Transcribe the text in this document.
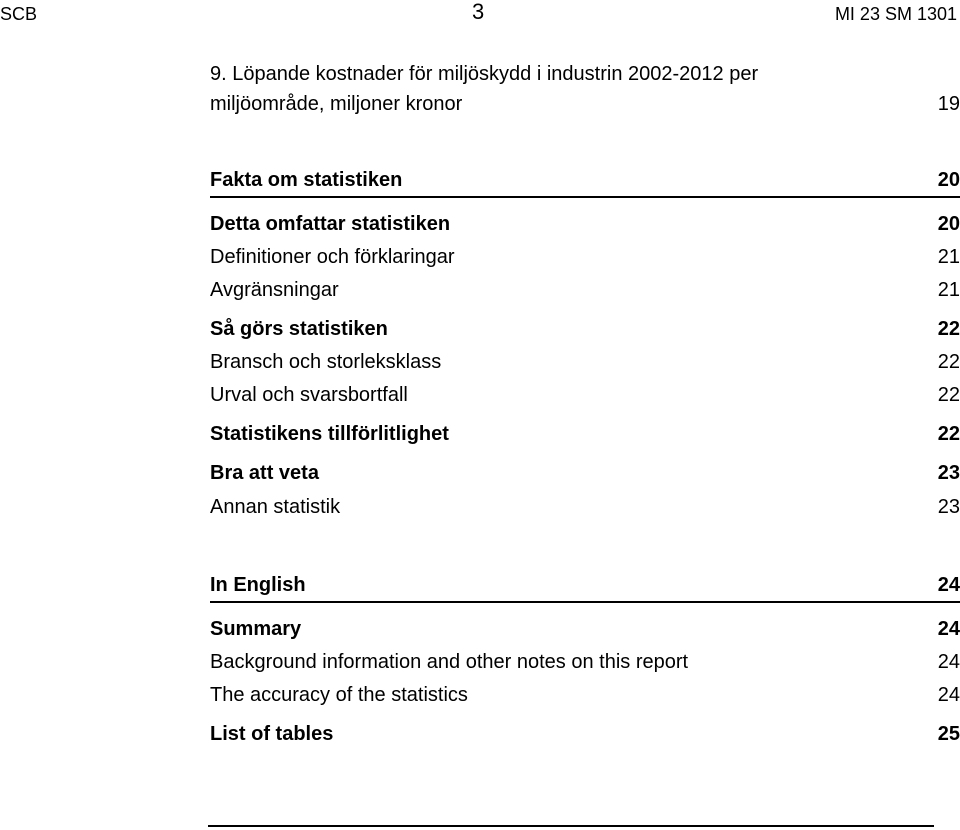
SCB	3	MI 23 SM 1301
9. Löpande kostnader för miljöskydd i industrin 2002-2012 per
miljöområde, miljoner kronor	19
Fakta om statistiken	20
Detta omfattar statistiken	20
Definitioner och förklaringar	21
Avgränsningar	21
Så görs statistiken	22
Bransch och storleksklass	22
Urval och svarsbortfall	22
Statistikens tillförlitlighet	22
Bra att veta	23
Annan statistik	23
In English	24
Summary	24
Background information and other notes on this report	24
The accuracy of the statistics	24
List of tables	25
